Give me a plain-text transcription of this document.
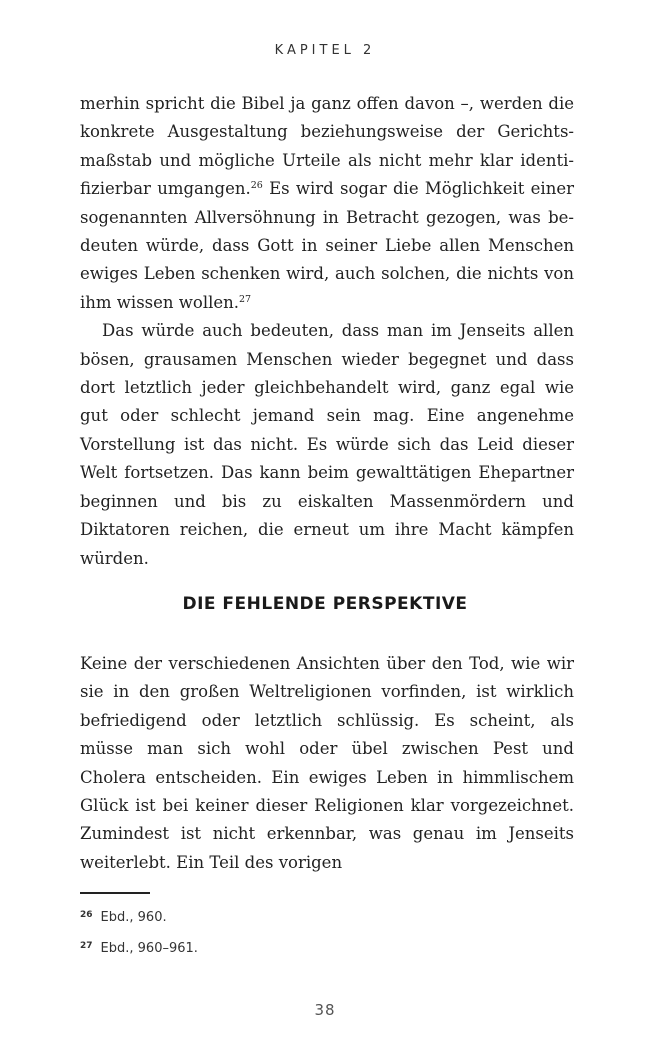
KAPITEL 2

merhin spricht die Bibel ja ganz offen davon –, werden die konkrete Ausgestaltung beziehungsweise der Gerichtsmaßstab und mögliche Urteile als nicht mehr klar identifizierbar umgangen.$^{26}$ Es wird sogar die Möglichkeit einer sogenannten Allversöhnung in Betracht gezogen, was bedeuten würde, dass Gott in seiner Liebe allen Menschen ewiges Leben schenken wird, auch solchen, die nichts von ihm wissen wollen.$^{27}$

Das würde auch bedeuten, dass man im Jenseits allen bösen, grausamen Menschen wieder begegnet und dass dort letztlich jeder gleichbehandelt wird, ganz egal wie gut oder schlecht jemand sein mag. Eine angenehme Vorstellung ist das nicht. Es würde sich das Leid dieser Welt fortsetzen. Das kann beim gewalttätigen Ehepartner beginnen und bis zu eiskalten Massenmördern und Diktatoren reichen, die erneut um ihre Macht kämpfen würden.

DIE FEHLENDE PERSPEKTIVE

Keine der verschiedenen Ansichten über den Tod, wie wir sie in den großen Weltreligionen vorfinden, ist wirklich befriedigend oder letztlich schlüssig. Es scheint, als müsse man sich wohl oder übel zwischen Pest und Cholera entscheiden. Ein ewiges Leben in himmlischem Glück ist bei keiner dieser Religionen klar vorgezeichnet. Zumindest ist nicht erkennbar, was genau im Jenseits weiterlebt. Ein Teil des vorigen

$^{26}$ Ebd., 960.
$^{27}$ Ebd., 960–961.
38
